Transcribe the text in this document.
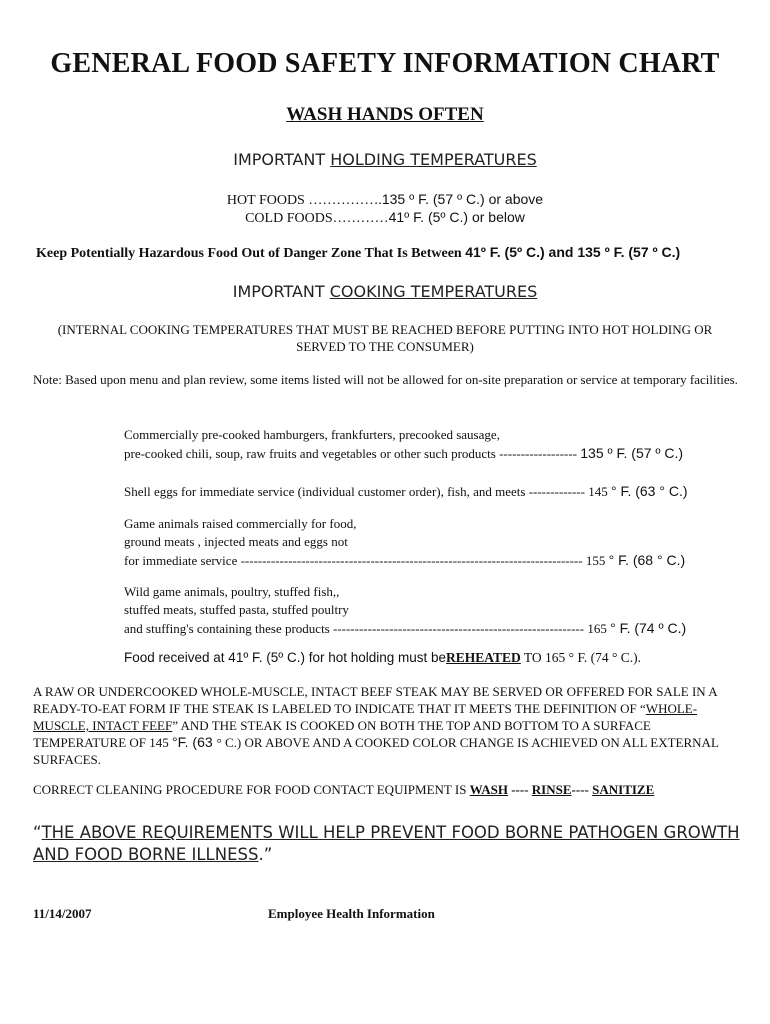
GENERAL FOOD SAFETY INFORMATION CHART
WASH HANDS OFTEN
IMPORTANT HOLDING TEMPERATURES
HOT FOODS …………….135 º F. (57 º C.) or above
COLD FOODS…………41º F. (5º C.) or below
Keep Potentially Hazardous Food Out of Danger Zone That Is Between 41º F. (5º C.) and 135 º F. (57 º C.)
IMPORTANT COOKING TEMPERATURES
(INTERNAL COOKING TEMPERATURES THAT MUST BE REACHED BEFORE PUTTING INTO HOT HOLDING OR SERVED TO THE CONSUMER)
Note: Based upon menu and plan review, some items listed will not be allowed for on-site preparation or service at temporary facilities.
Commercially pre-cooked hamburgers, frankfurters, precooked sausage,
pre-cooked chili, soup, raw fruits and vegetables or other such products ------------------ 135 º F. (57 º C.)
Shell eggs for immediate service (individual customer order), fish, and meets ------------- 145 ° F. (63 ° C.)
Game animals raised commercially for food,
ground meats , injected meats and eggs not
for immediate service ------------------------------------------------------------------------------- 155 ° F. (68 ° C.)
Wild game animals, poultry, stuffed fish,,
stuffed meats, stuffed pasta, stuffed poultry
and stuffing's containing these products ---------------------------------------------------------- 165 ° F. (74 º C.)
Food received at 41º F. (5º C.) for hot holding must beREHEATED TO 165 ° F. (74 ° C.).
A RAW OR UNDERCOOKED WHOLE-MUSCLE, INTACT BEEF STEAK MAY BE SERVED OR OFFERED FOR SALE IN A READY-TO-EAT FORM IF THE STEAK IS LABELED TO INDICATE THAT IT MEETS THE DEFINITION OF “WHOLE-MUSCLE, INTACT FEEF” AND THE STEAK IS COOKED ON BOTH THE TOP AND BOTTOM TO A SURFACE TEMPERATURE OF 145 °F. (63 ° C.) OR ABOVE AND A COOKED COLOR CHANGE IS ACHIEVED ON ALL EXTERNAL SURFACES.
CORRECT CLEANING PROCEDURE FOR FOOD CONTACT EQUIPMENT IS WASH ---- RINSE---- SANITIZE
“THE ABOVE REQUIREMENTS WILL HELP PREVENT FOOD BORNE PATHOGEN GROWTH AND FOOD BORNE ILLNESS.”
11/14/2007	Employee Health Information
